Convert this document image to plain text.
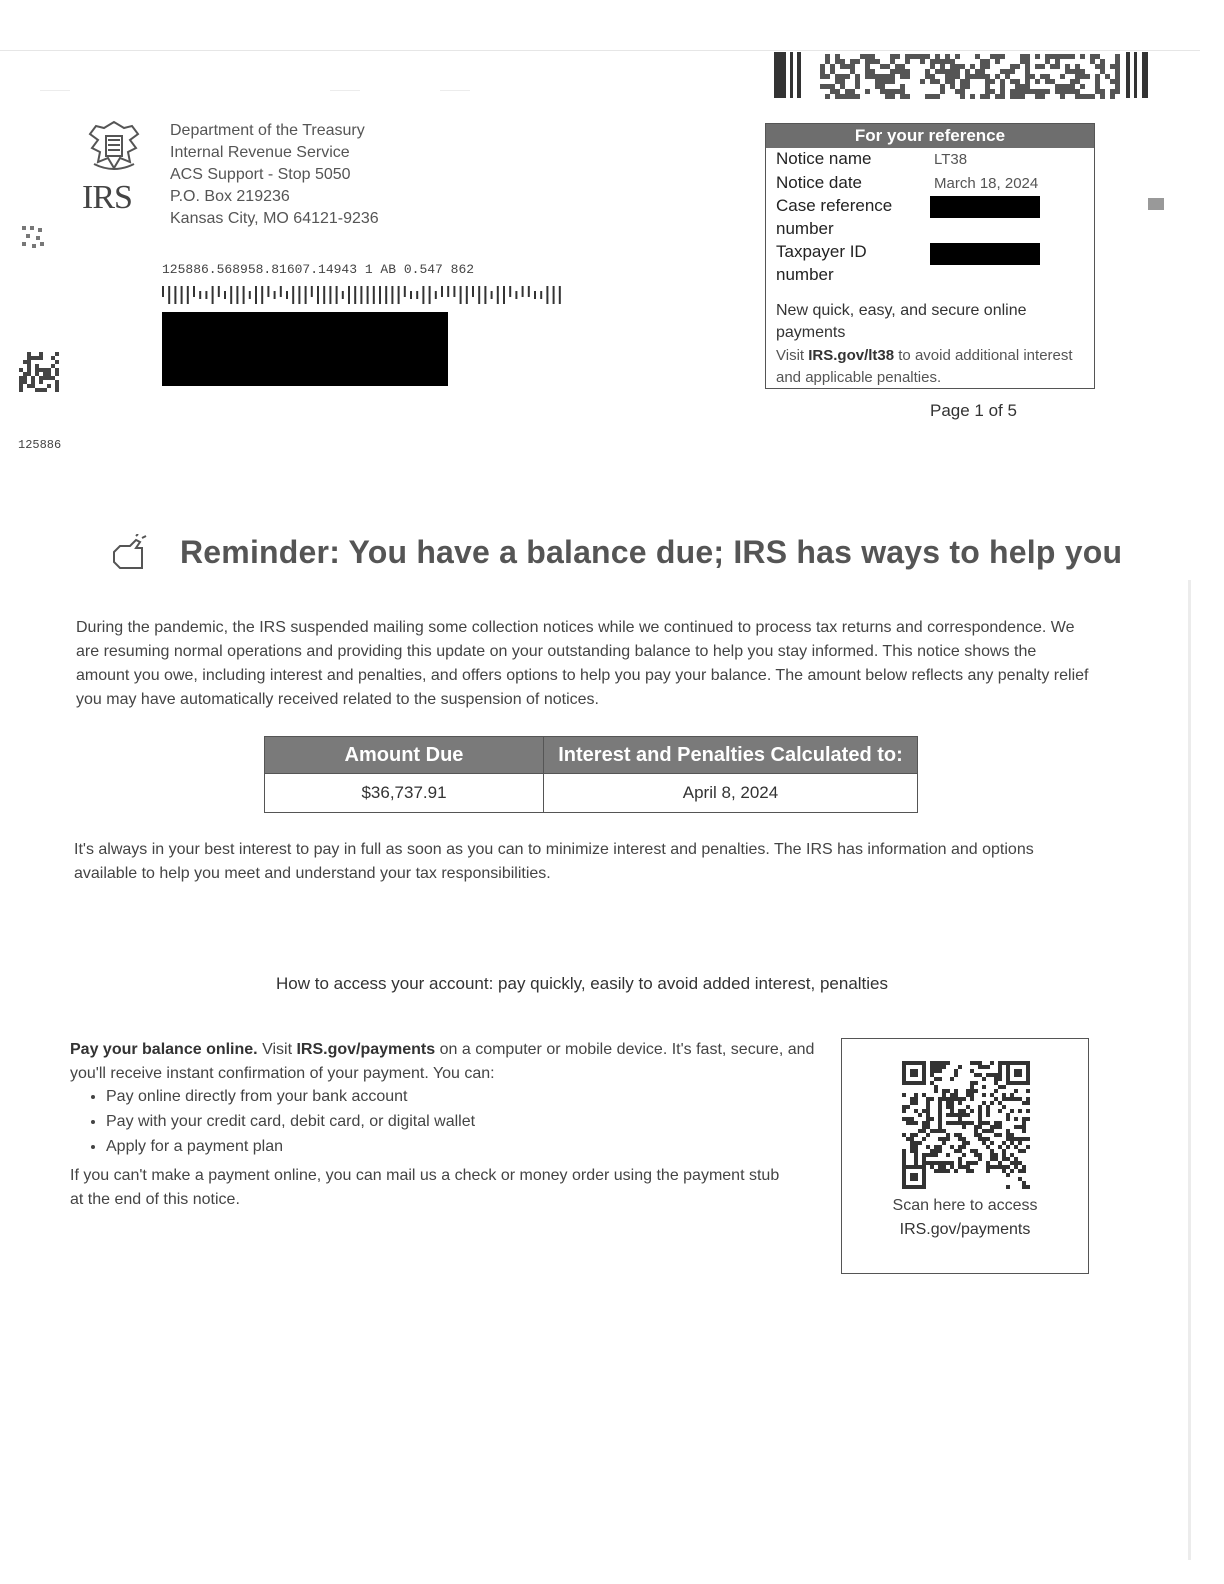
IRS
Department of the Treasury
Internal Revenue Service
ACS Support - Stop 5050
P.O. Box 219236
Kansas City, MO 64121-9236
125886
125886.568958.81607.14943 1 AB 0.547 862
For your reference
Notice name	LT38
Notice date	March 18, 2024
Case reference
number
Taxpayer ID
number
New quick, easy, and secure online payments
Visit IRS.gov/lt38 to avoid additional interest and applicable penalties.
Page 1 of 5
Reminder: You have a balance due; IRS has ways to help you
During the pandemic, the IRS suspended mailing some collection notices while we continued to process tax returns and correspondence. We are resuming normal operations and providing this update on your outstanding balance to help you stay informed. This notice shows the amount you owe, including interest and penalties, and offers options to help you pay your balance. The amount below reflects any penalty relief you may have automatically received related to the suspension of notices.
Amount Due	Interest and Penalties Calculated to:
$36,737.91	April 8, 2024
It's always in your best interest to pay in full as soon as you can to minimize interest and penalties. The IRS has information and options available to help you meet and understand your tax responsibilities.
How to access your account: pay quickly, easily to avoid added interest, penalties
Pay your balance online. Visit IRS.gov/payments on a computer or mobile device. It's fast, secure, and you'll receive instant confirmation of your payment. You can:
• Pay online directly from your bank account
• Pay with your credit card, debit card, or digital wallet
• Apply for a payment plan
If you can't make a payment online, you can mail us a check or money order using the payment stub at the end of this notice.	Scan here to access
IRS.gov/payments
